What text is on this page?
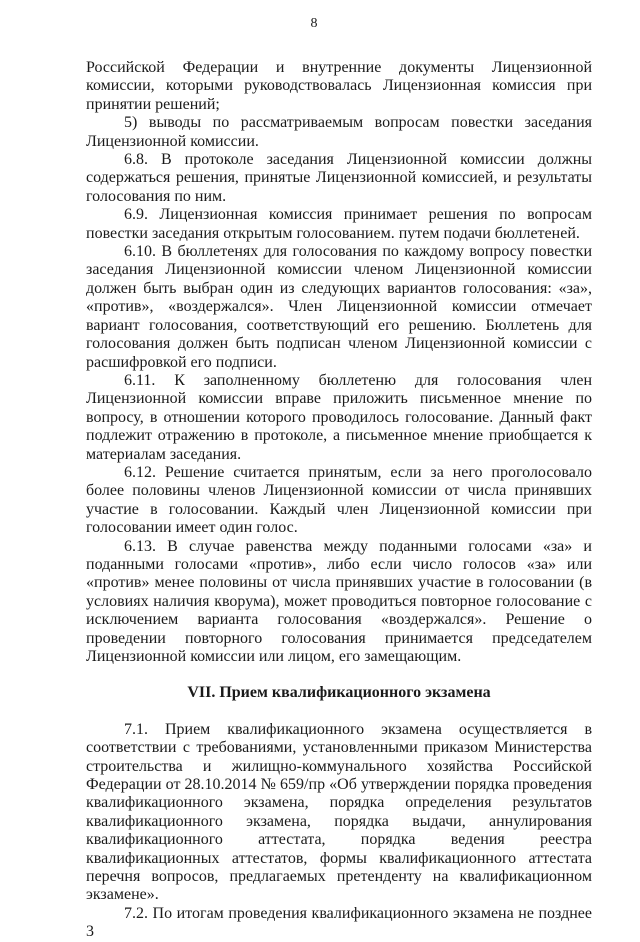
8

Российской Федерации и внутренние документы Лицензионной комиссии, которыми руководствовалась Лицензионная комиссия при принятии решений;

5) выводы по рассматриваемым вопросам повестки заседания Лицензионной комиссии.

6.8. В протоколе заседания Лицензионной комиссии должны содержаться решения, принятые Лицензионной комиссией, и результаты голосования по ним.

6.9. Лицензионная комиссия принимает решения по вопросам повестки заседания открытым голосованием. путем подачи бюллетеней.

6.10. В бюллетенях для голосования по каждому вопросу повестки заседания Лицензионной комиссии членом Лицензионной комиссии должен быть выбран один из следующих вариантов голосования: «за», «против», «воздержался». Член Лицензионной комиссии отмечает вариант голосования, соответствующий его решению. Бюллетень для голосования должен быть подписан членом Лицензионной комиссии с расшифровкой его подписи.

6.11. К заполненному бюллетеню для голосования член Лицензионной комиссии вправе приложить письменное мнение по вопросу, в отношении которого проводилось голосование. Данный факт подлежит отражению в протоколе, а письменное мнение приобщается к материалам заседания.

6.12. Решение считается принятым, если за него проголосовало более половины членов Лицензионной комиссии от числа принявших участие в голосовании. Каждый член Лицензионной комиссии при голосовании имеет один голос.

6.13. В случае равенства между поданными голосами «за» и поданными голосами «против», либо если число голосов «за» или «против» менее половины от числа принявших участие в голосовании (в условиях наличия кворума), может проводиться повторное голосование с исключением варианта голосования «воздержался». Решение о проведении повторного голосования принимается председателем Лицензионной комиссии или лицом, его замещающим.

VII. Прием квалификационного экзамена

7.1. Прием квалификационного экзамена осуществляется в соответствии с требованиями, установленными приказом Министерства строительства и жилищно-коммунального хозяйства Российской Федерации от 28.10.2014 № 659/пр «Об утверждении порядка проведения квалификационного экзамена, порядка определения результатов квалификационного экзамена, порядка выдачи, аннулирования квалификационного аттестата, порядка ведения реестра квалификационных аттестатов, формы квалификационного аттестата перечня вопросов, предлагаемых претенденту на квалификационном экзамене».

7.2. По итогам проведения квалификационного экзамена не позднее 3
